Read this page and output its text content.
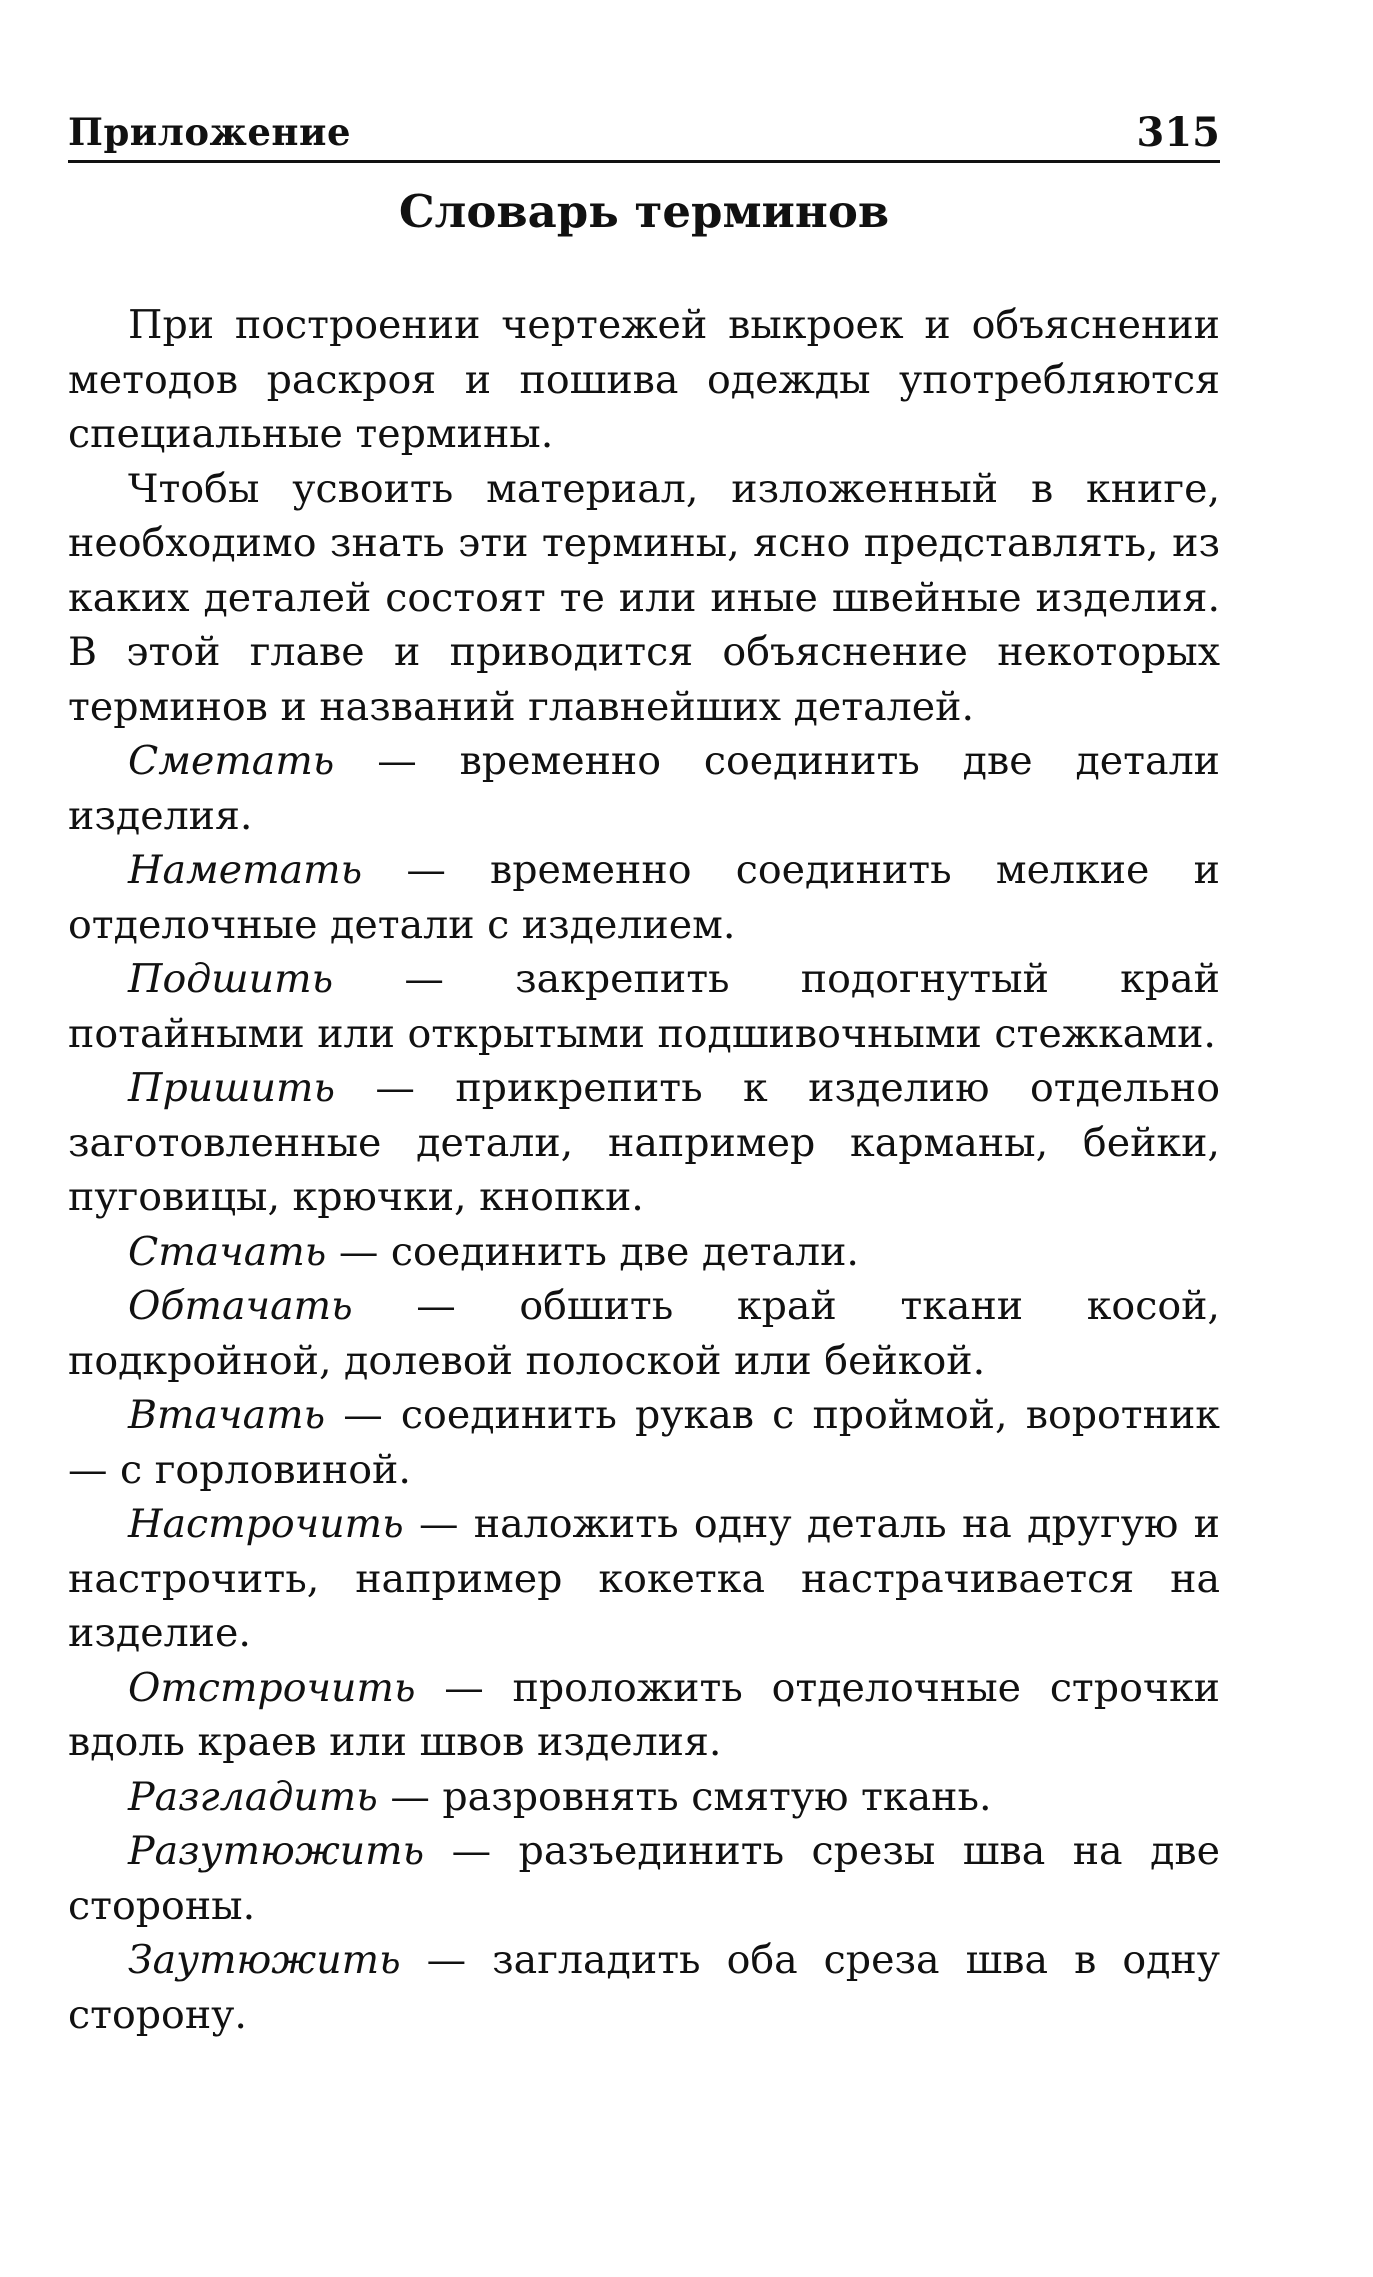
Приложение	315
Словарь терминов

При построении чертежей выкроек и объяснении методов раскроя и пошива одежды употребляются специальные термины.

Чтобы усвоить материал, изложенный в книге, необходимо знать эти термины, ясно представлять, из каких деталей состоят те или иные швейные изделия. В этой главе и приводится объяснение некоторых терминов и названий главнейших деталей.

Сметать — временно соединить две детали изделия.

Наметать — временно соединить мелкие и отделочные детали с изделием.

Подшить — закрепить подогнутый край потайными или открытыми подшивочными стежками.

Пришить — прикрепить к изделию отдельно заготовленные детали, например карманы, бейки, пуговицы, крючки, кнопки.

Стачать — соединить две детали.

Обтачать — обшить край ткани косой, подкройной, долевой полоской или бейкой.

Втачать — соединить рукав с проймой, воротник — с горловиной.

Настрочить — наложить одну деталь на другую и настрочить, например кокетка настрачивается на изделие.

Отстрочить — проложить отделочные строчки вдоль краев или швов изделия.

Разгладить — разровнять смятую ткань.

Разутюжить — разъединить срезы шва на две стороны.

Заутюжить — загладить оба среза шва в одну сторону.
